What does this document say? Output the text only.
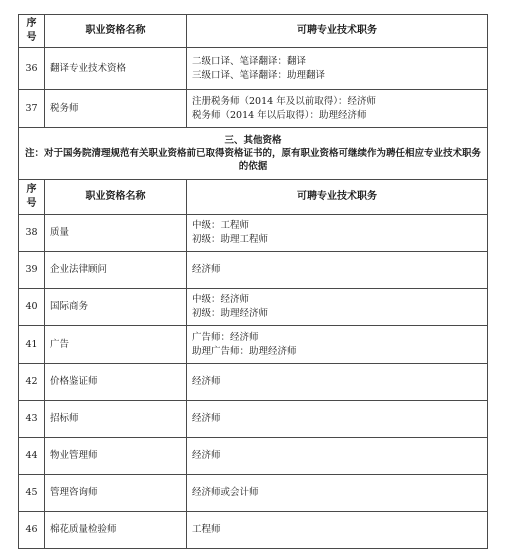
序号	职业资格名称	可聘专业技术职务
36	翻译专业技术资格	二级口译、笔译翻译：翻译
三级口译、笔译翻译：助理翻译

37	税务师	注册税务师（2014 年及以前取得）：经济师
税务师（2014 年以后取得）：助理经济师

三、其他资格
注：对于国务院清理规范有关职业资格前已取得资格证书的，原有职业资格可继续作为聘任相应专业技术职务的依据		

序号	职业资格名称	可聘专业技术职务
38	质量	中级：工程师
初级：助理工程师

39	企业法律顾问	经济师

40	国际商务	中级：经济师
初级：助理经济师

41	广告	广告师：经济师
助理广告师：助理经济师

42	价格鉴证师	经济师

43	招标师	经济师

44	物业管理师	经济师

45	管理咨询师	经济师或会计师

46	棉花质量检验师	工程师
